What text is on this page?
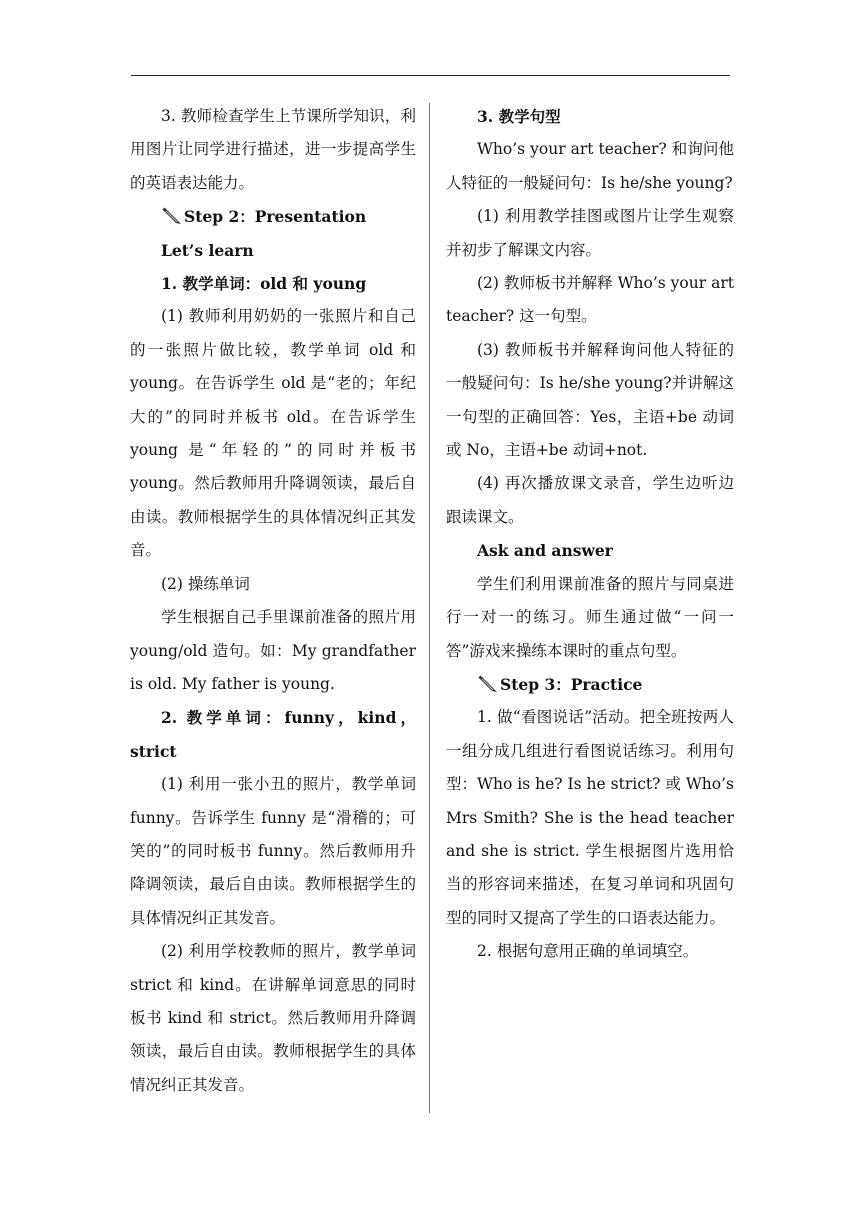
3. 教师检查学生上节课所学知识，利用图片让同学进行描述，进一步提高学生的英语表达能力。

Step 2：Presentation

Let’s learn

1. 教学单词：old 和 young

(1) 教师利用奶奶的一张照片和自己的一张照片做比较，教学单词 old 和 young。在告诉学生 old 是“老的；年纪大的”的同时并板书 old。在告诉学生 young 是“年轻的”的同时并板书 young。然后教师用升降调领读，最后自由读。教师根据学生的具体情况纠正其发音。

(2) 操练单词

学生根据自己手里课前准备的照片用 young/old 造句。如：My grandfather is old. My father is young.

2. 教学单词：funny，kind，strict

(1) 利用一张小丑的照片，教学单词 funny。告诉学生 funny 是“滑稽的；可笑的”的同时板书 funny。然后教师用升降调领读，最后自由读。教师根据学生的具体情况纠正其发音。

(2) 利用学校教师的照片，教学单词 strict 和 kind。在讲解单词意思的同时板书 kind 和 strict。然后教师用升降调领读，最后自由读。教师根据学生的具体情况纠正其发音。

3. 教学句型

Who’s your art teacher? 和询问他人特征的一般疑问句：Is he/she young?

(1) 利用教学挂图或图片让学生观察并初步了解课文内容。

(2) 教师板书并解释 Who’s your art teacher? 这一句型。

(3) 教师板书并解释询问他人特征的一般疑问句：Is he/she young?并讲解这一句型的正确回答：Yes，主语+be 动词或 No，主语+be 动词+not.

(4) 再次播放课文录音，学生边听边跟读课文。

Ask and answer

学生们利用课前准备的照片与同桌进行一对一的练习。师生通过做“一问一答”游戏来操练本课时的重点句型。

Step 3：Practice

1. 做“看图说话”活动。把全班按两人一组分成几组进行看图说话练习。利用句型：Who is he? Is he strict? 或 Who’s Mrs Smith? She is the head teacher and she is strict. 学生根据图片选用恰当的形容词来描述，在复习单词和巩固句型的同时又提高了学生的口语表达能力。

2. 根据句意用正确的单词填空。
